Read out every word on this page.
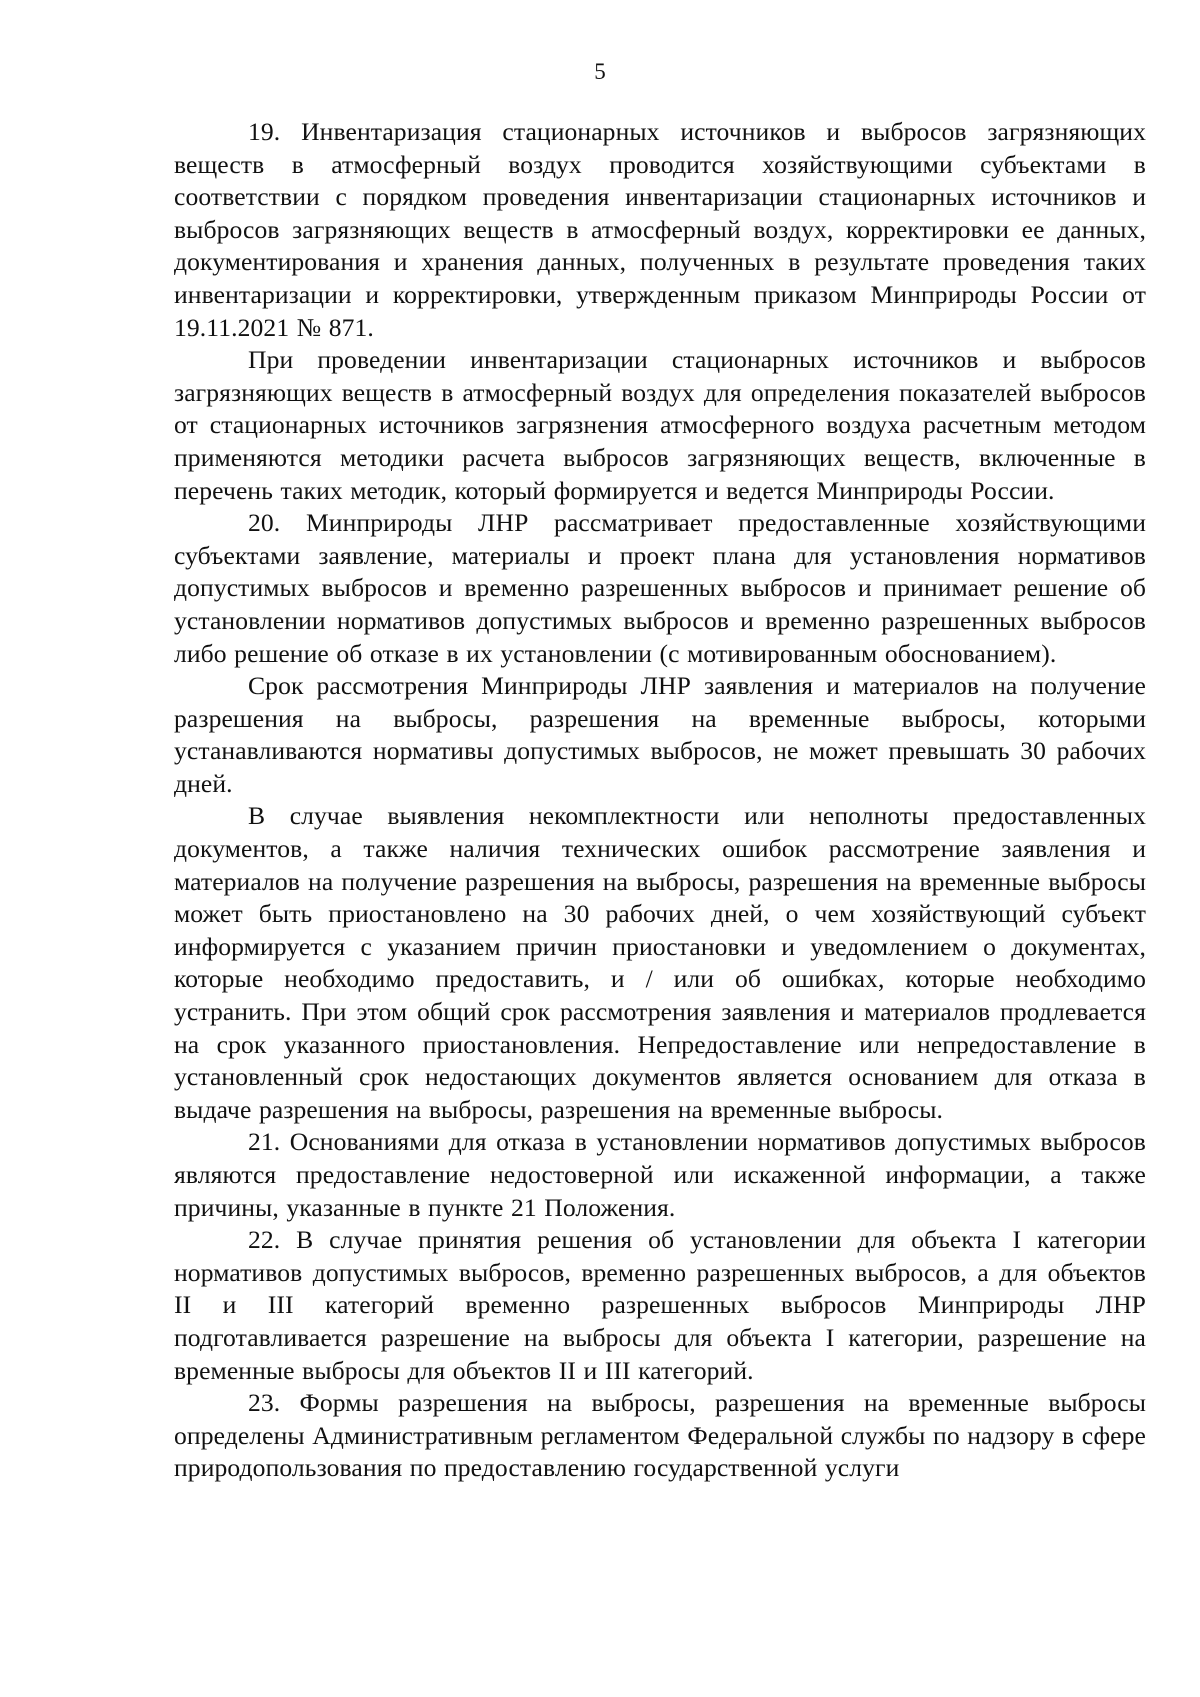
5

19. Инвентаризация стационарных источников и выбросов загрязняющих веществ в атмосферный воздух проводится хозяйствующими субъектами в соответствии с порядком проведения инвентаризации стационарных источников и выбросов загрязняющих веществ в атмосферный воздух, корректировки ее данных, документирования и хранения данных, полученных в результате проведения таких инвентаризации и корректировки, утвержденным приказом Минприроды России от 19.11.2021 № 871.

При проведении инвентаризации стационарных источников и выбросов загрязняющих веществ в атмосферный воздух для определения показателей выбросов от стационарных источников загрязнения атмосферного воздуха расчетным методом применяются методики расчета выбросов загрязняющих веществ, включенные в перечень таких методик, который формируется и ведется Минприроды России.

20. Минприроды ЛНР рассматривает предоставленные хозяйствующими субъектами заявление, материалы и проект плана для установления нормативов допустимых выбросов и временно разрешенных выбросов и принимает решение об установлении нормативов допустимых выбросов и временно разрешенных выбросов либо решение об отказе в их установлении (с мотивированным обоснованием).

Срок рассмотрения Минприроды ЛНР заявления и материалов на получение разрешения на выбросы, разрешения на временные выбросы, которыми устанавливаются нормативы допустимых выбросов, не может превышать 30 рабочих дней.

В случае выявления некомплектности или неполноты предоставленных документов, а также наличия технических ошибок рассмотрение заявления и материалов на получение разрешения на выбросы, разрешения на временные выбросы может быть приостановлено на 30 рабочих дней, о чем хозяйствующий субъект информируется с указанием причин приостановки и уведомлением о документах, которые необходимо предоставить, и / или об ошибках, которые необходимо устранить. При этом общий срок рассмотрения заявления и материалов продлевается на срок указанного приостановления. Непредоставление или непредоставление в установленный срок недостающих документов является основанием для отказа в выдаче разрешения на выбросы, разрешения на временные выбросы.

21. Основаниями для отказа в установлении нормативов допустимых выбросов являются предоставление недостоверной или искаженной информации, а также причины, указанные в пункте 21 Положения.

22. В случае принятия решения об установлении для объекта I категории нормативов допустимых выбросов, временно разрешенных выбросов, а для объектов II и III категорий временно разрешенных выбросов Минприроды ЛНР подготавливается разрешение на выбросы для объекта I категории, разрешение на временные выбросы для объектов II и III категорий.

23. Формы разрешения на выбросы, разрешения на временные выбросы определены Административным регламентом Федеральной службы по надзору в сфере природопользования по предоставлению государственной услуги
